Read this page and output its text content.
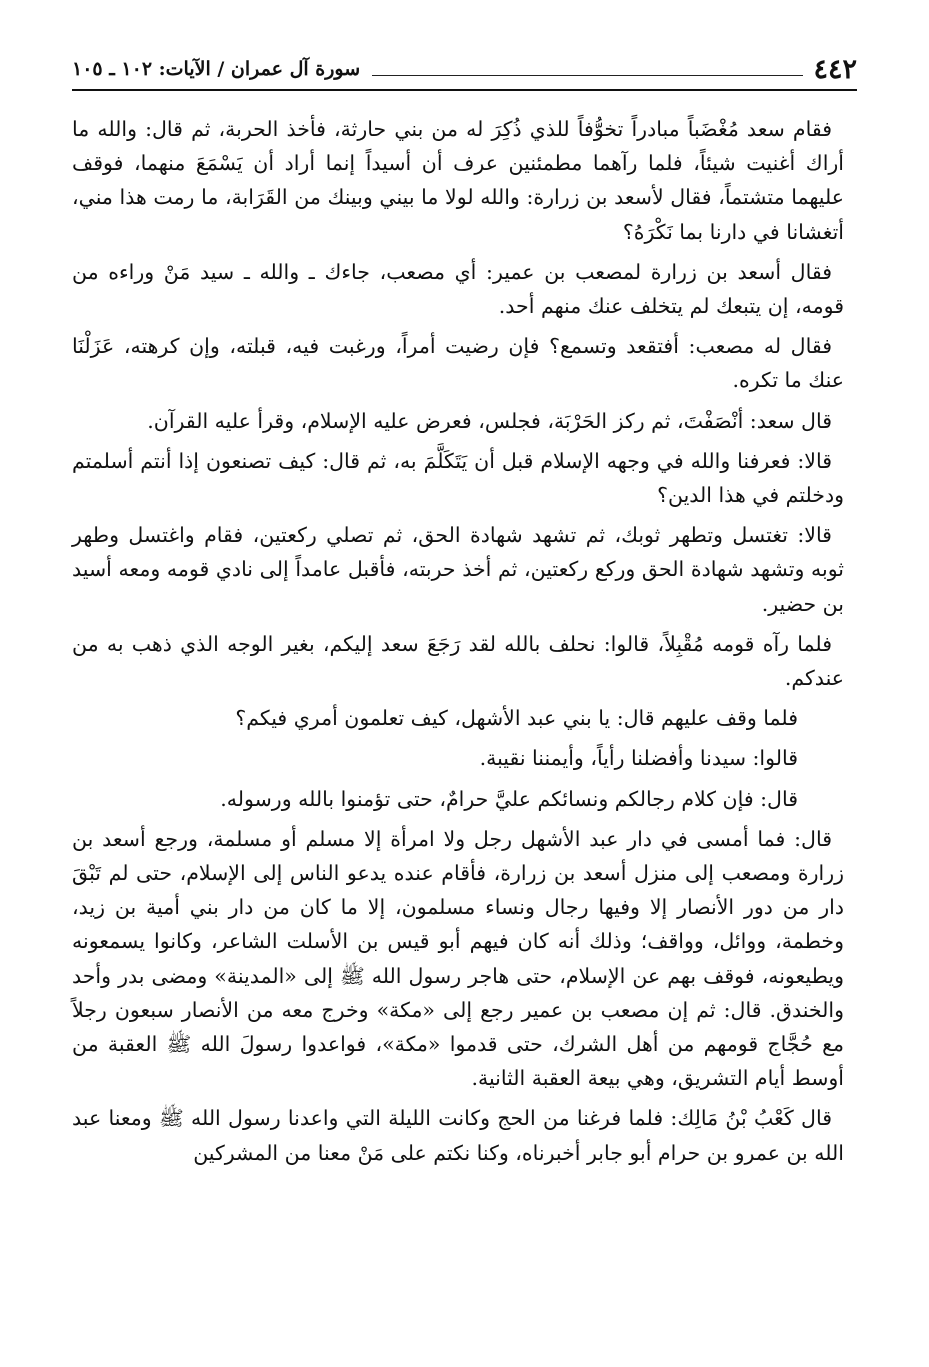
٤٤٢
سورة آل عمران / الآيات: ١٠٢ ـ ١٠٥

فقام سعد مُغْضَباً مبادراً تخوُّفاً للذي ذُكِرَ له من بني حارثة، فأخذ الحربة، ثم قال: والله ما أراك أغنيت شيئاً، فلما رآهما مطمئنين عرف أن أسيداً إنما أراد أن يَسْمَعَ منهما، فوقف عليهما متشتماً، فقال لأسعد بن زرارة: والله لولا ما بيني وبينك من القَرَابة، ما رمت هذا مني، أتغشانا في دارنا بما نَكْرَهُ؟

فقال أسعد بن زرارة لمصعب بن عمير: أي مصعب، جاءك ـ والله ـ سيد مَنْ وراءه من قومه، إن يتبعك لم يتخلف عنك منهم أحد.

فقال له مصعب: أفتقعد وتسمع؟ فإن رضيت أمراً، ورغبت فيه، قبلته، وإن كرهته، عَزَلْنَا عنك ما تكره.

قال سعد: أنْصَفْتَ، ثم ركز الحَرْبَة، فجلس، فعرض عليه الإسلام، وقرأ عليه القرآن.

قالا: فعرفنا والله في وجهه الإسلام قبل أن يَتَكَلَّمَ به، ثم قال: كيف تصنعون إذا أنتم أسلمتم ودخلتم في هذا الدين؟

قالا: تغتسل وتطهر ثوبك، ثم تشهد شهادة الحق، ثم تصلي ركعتين، فقام واغتسل وطهر ثوبه وتشهد شهادة الحق وركع ركعتين، ثم أخذ حربته، فأقبل عامداً إلى نادي قومه ومعه أسيد بن حضير.

فلما رآه قومه مُقْبِلاً، قالوا: نحلف بالله لقد رَجَعَ سعد إليكم، بغير الوجه الذي ذهب به من عندكم.

فلما وقف عليهم قال: يا بني عبد الأشهل، كيف تعلمون أمري فيكم؟

قالوا: سيدنا وأفضلنا رأياً، وأيمننا نقيبة.

قال: فإن كلام رجالكم ونسائكم عليَّ حرامٌ، حتى تؤمنوا بالله ورسوله.

قال: فما أمسى في دار عبد الأشهل رجل ولا امرأة إلا مسلم أو مسلمة، ورجع أسعد بن زرارة ومصعب إلى منزل أسعد بن زرارة، فأقام عنده يدعو الناس إلى الإسلام، حتى لم تَبْقَ دار من دور الأنصار إلا وفيها رجال ونساء مسلمون، إلا ما كان من دار بني أمية بن زيد، وخطمة، ووائل، وواقف؛ وذلك أنه كان فيهم أبو قيس بن الأسلت الشاعر، وكانوا يسمعونه ويطيعونه، فوقف بهم عن الإسلام، حتى هاجر رسول الله ﷺ إلى «المدينة» ومضى بدر وأحد والخندق. قال: ثم إن مصعب بن عمير رجع إلى «مكة» وخرج معه من الأنصار سبعون رجلاً مع حُجَّاج قومهم من أهل الشرك، حتى قدموا «مكة»، فواعدوا رسولَ الله ﷺ العقبة من أوسط أيام التشريق، وهي بيعة العقبة الثانية.

قال كَعْبُ بْنُ مَالِك: فلما فرغنا من الحج وكانت الليلة التي واعدنا رسول الله ﷺ ومعنا عبد الله بن عمرو بن حرام أبو جابر أخبرناه، وكنا نكتم على مَنْ معنا من المشركين
